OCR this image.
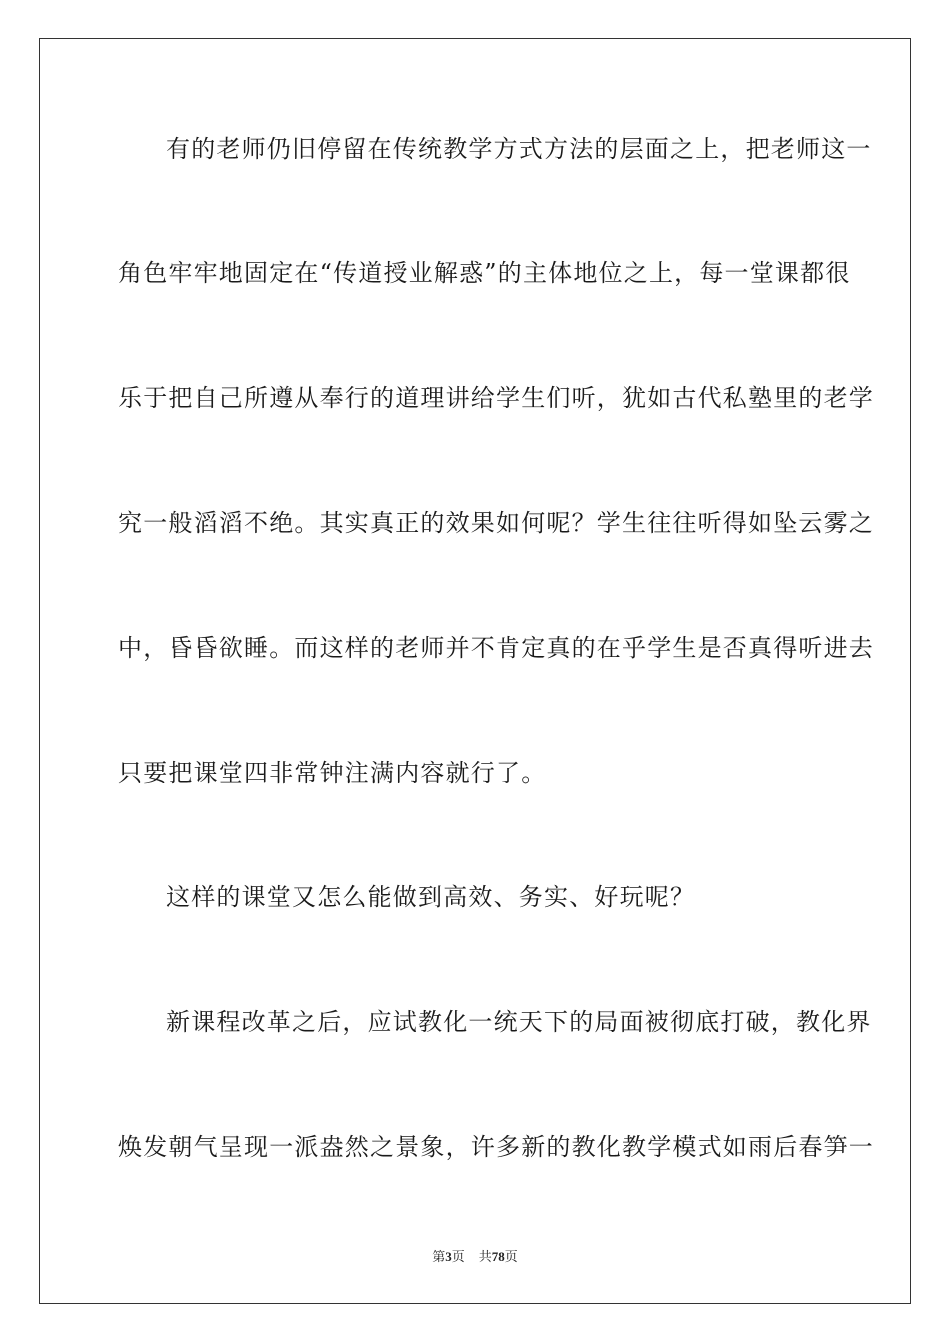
有的老师仍旧停留在传统教学方式方法的层面之上，把老师这一

角色牢牢地固定在“传道授业解惑”的主体地位之上，每一堂课都很

乐于把自己所遵从奉行的道理讲给学生们听，犹如古代私塾里的老学

究一般滔滔不绝。其实真正的效果如何呢？学生往往听得如坠云雾之

中，昏昏欲睡。而这样的老师并不肯定真的在乎学生是否真得听进去

只要把课堂四非常钟注满内容就行了。

这样的课堂又怎么能做到高效、务实、好玩呢？

新课程改革之后，应试教化一统天下的局面被彻底打破，教化界

焕发朝气呈现一派盎然之景象，许多新的教化教学模式如雨后春笋一

第3页 共78页
